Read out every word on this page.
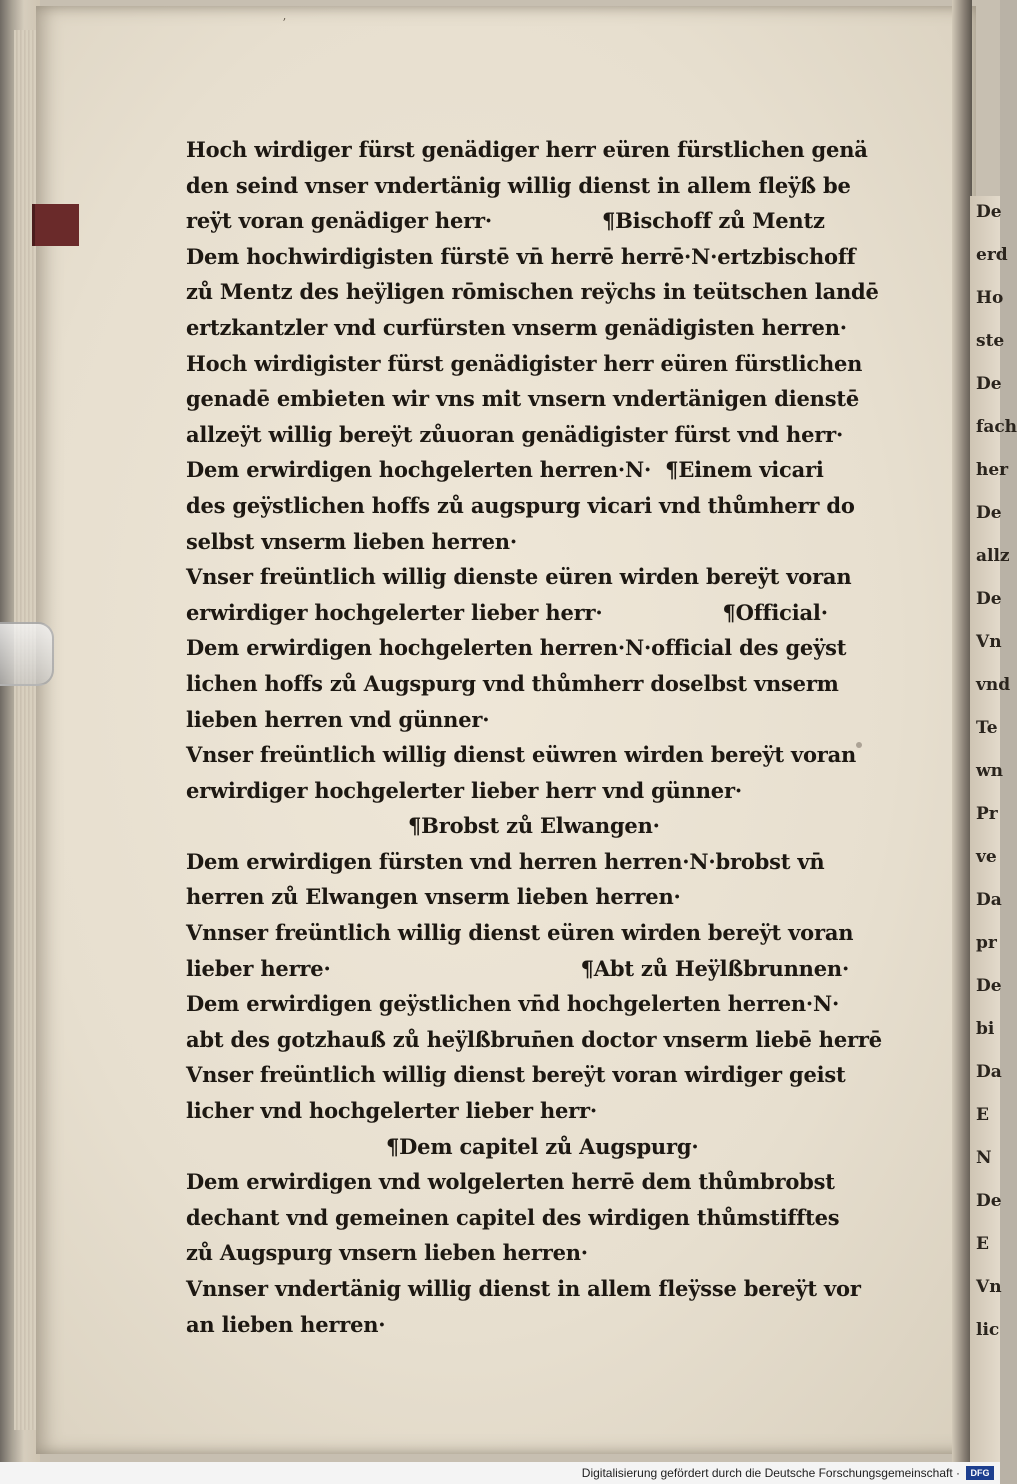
ʼ
De
erd
Ho
ste
De
fach
her
De
allz
De
Vn
vnd
Te
wn
Pr
ve
Da
pr
De
bi
Da
E
N
De
E
Vn
lic
Hoch wirdiger fürst genädiger herr eüren fürstlichen genä
den seind vnser vndertänig willig dienst in allem fleÿß be
reÿt voran genädiger herr·	¶Bischoff zů Mentz
Dem hochwirdigisten fürstē vn̄ herrē herrē·N·ertzbischoff
zů Mentz des heÿligen rōmischen reÿchs in teütschen landē
ertzkantzler vnd curfürsten vnserm genädigisten herren·
Hoch wirdigister fürst genädigister herr eüren fürstlichen
genadē embieten wir vns mit vnsern vndertänigen dienstē
allzeÿt willig bereÿt zůuoran genädigister fürst vnd herr·
Dem erwirdigen hochgelerten herren·N· ¶Einem vicari
des geÿstlichen hoffs zů augspurg vicari vnd thůmherr do
selbst vnserm lieben herren·
Vnser freüntlich willig dienste eüren wirden bereÿt voran
erwirdiger hochgelerter lieber herr·	¶Official·
Dem erwirdigen hochgelerten herren·N·official des geÿst
lichen hoffs zů Augspurg vnd thůmherr doselbst vnserm
lieben herren vnd günner·
Vnser freüntlich willig dienst eüwren wirden bereÿt voran
erwirdiger hochgelerter lieber herr vnd günner·
¶Brobst zů Elwangen·
Dem erwirdigen fürsten vnd herren herren·N·brobst vn̄
herren zů Elwangen vnserm lieben herren·
Vnnser freüntlich willig dienst eüren wirden bereÿt voran
lieber herre·	¶Abt zů Heÿlßbrunnen·
Dem erwirdigen geÿstlichen vn̄d hochgelerten herren·N·
abt des gotzhauß zů heÿlßbrun̄en doctor vnserm liebē herrē
Vnser freüntlich willig dienst bereÿt voran wirdiger geist
licher vnd hochgelerter lieber herr·
¶Dem capitel zů Augspurg·
Dem erwirdigen vnd wolgelerten herrē dem thůmbrobst
dechant vnd gemeinen capitel des wirdigen thůmstifftes
zů Augspurg vnsern lieben herren·
Vnnser vndertänig willig dienst in allem fleÿsse bereÿt vor
an lieben herren·
Digitalisierung gefördert durch die Deutsche Forschungsgemeinschaft ·	DFG
